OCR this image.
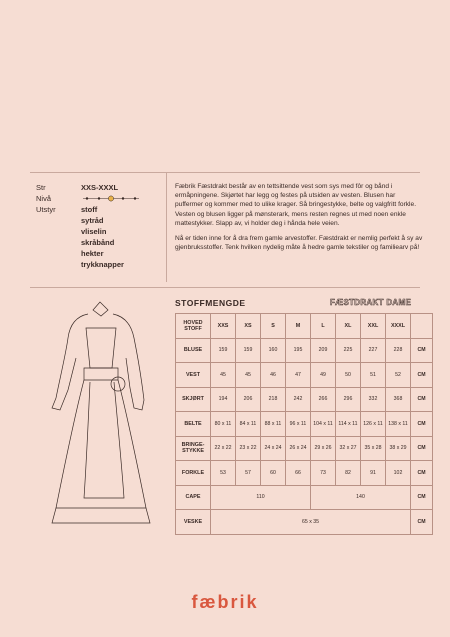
Str	XXS-XXXL
Nivå
Utstyr	stoff
sytråd
vliselin
skråbånd
hekter
trykknapper

Fæbrik Fæstdrakt består av en tettsittende vest som sys med fôr og bånd i ermåpningene. Skjørtet har legg og festes på utsiden av vesten. Blusen har puffermer og kommer med to ulike krager. Så bringestykke, belte og valgfritt forkle. Vesten og blusen ligger på mønsterark, mens resten regnes ut med noen enkle mattestykker. Slapp av, vi holder deg i hånda hele veien.

Nå er tiden inne for å dra frem gamle arvestoffer. Fæstdrakt er nemlig perfekt å sy av gjenbruksstoffer. Tenk hvilken nydelig måte å hedre gamle tekstiler og familiearv på!

STOFFMENGDE	FÆSTDRAKT DAME
HOVED STOFF	XXS	XS	S	M	L	XL	XXL	XXXL	
BLUSE	159	159	160	195	209	225	227	228	CM
VEST	45	45	46	47	49	50	51	52	CM
SKJØRT	194	206	218	242	266	296	332	368	CM
BELTE	80 x 11	84 x 11	88 x 11	96 x 11	104 x 11	114 x 11	126 x 11	138 x 11	CM
BRINGE- STYKKE	22 x 22	23 x 22	24 x 24	26 x 24	29 x 26	32 x 27	35 x 28	38 x 29	CM
FORKLE	53	57	60	66	73	82	91	102	CM
CAPE	110				140				CM
VESKE	65 x 35								CM
fæbrik
